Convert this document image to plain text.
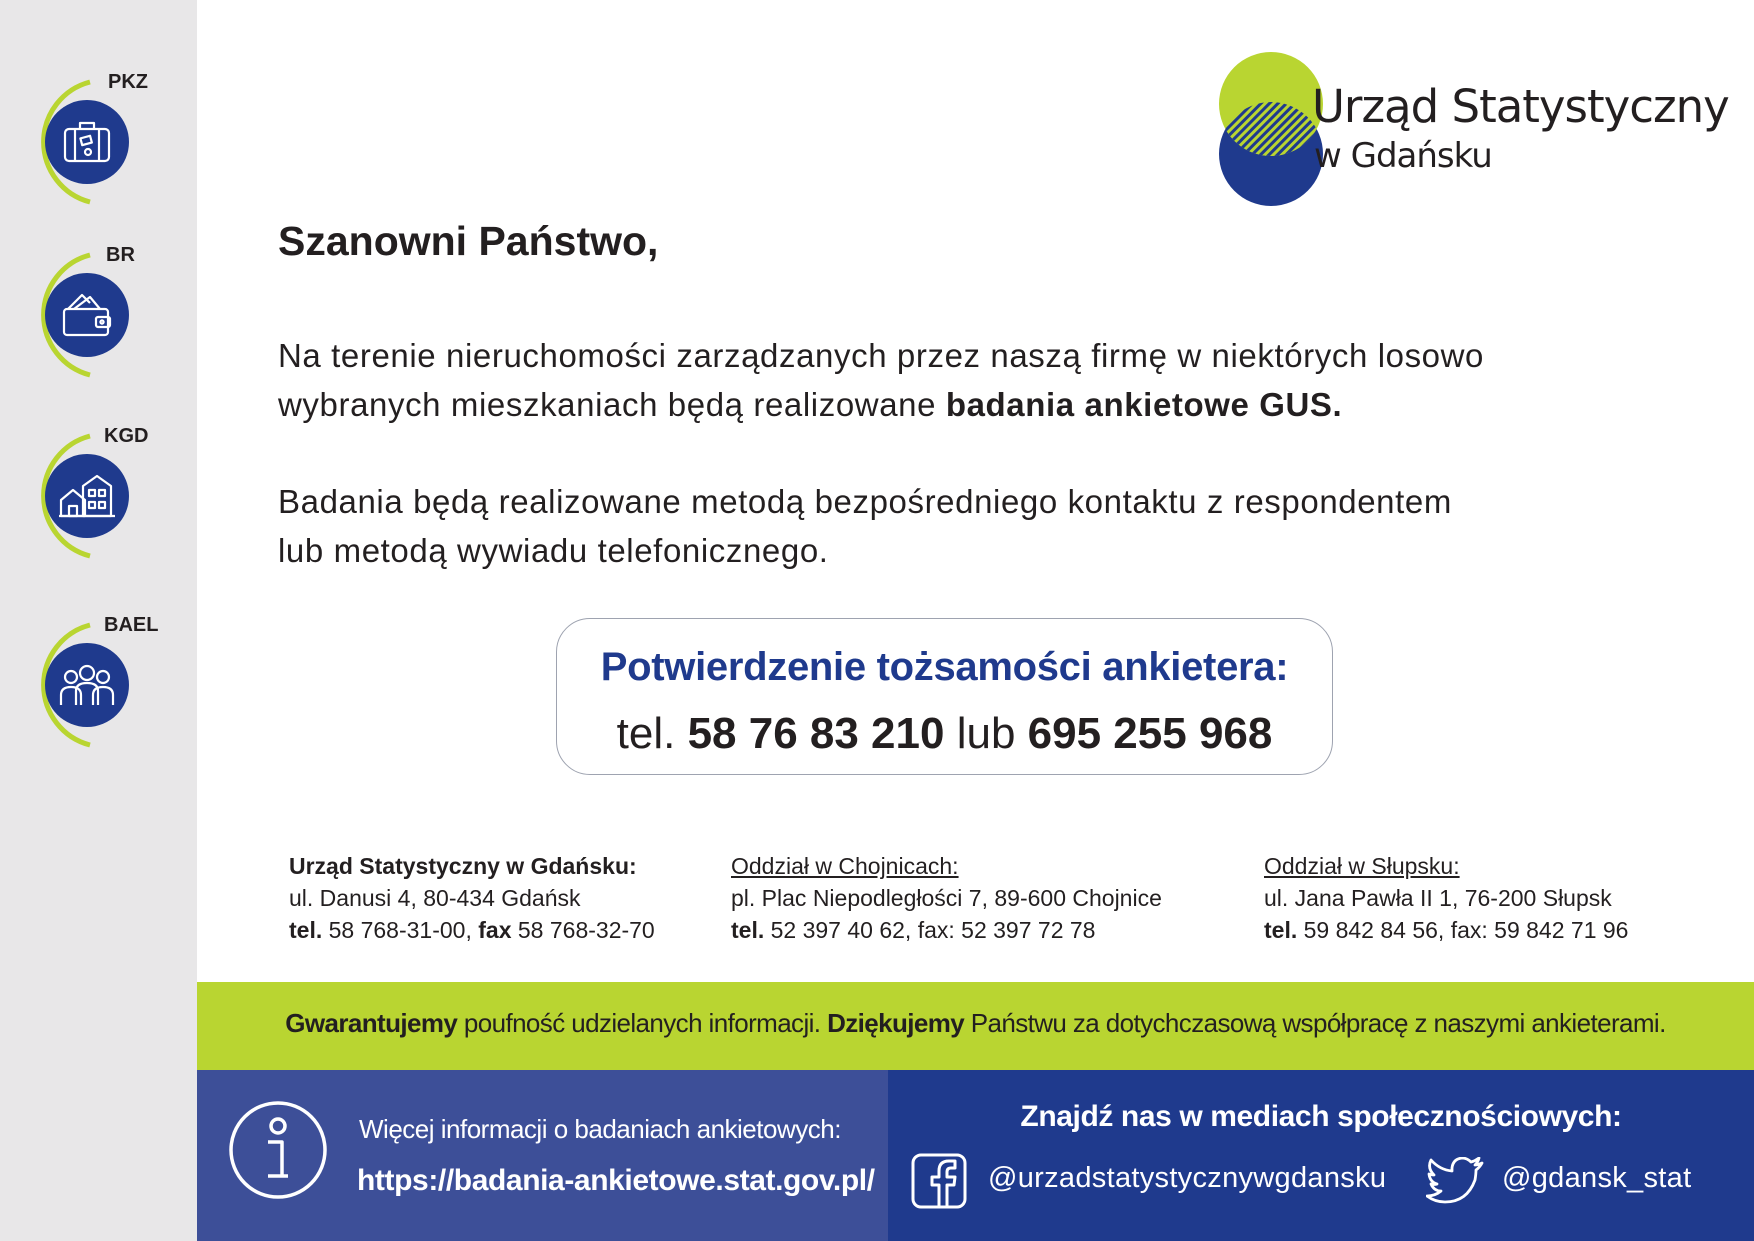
PKZ
BR
KGD
BAEL
Urząd Statystyczny
w Gdańsku
Szanowni Państwo,
Na terenie nieruchomości zarządzanych przez naszą firmę w niektórych losowo
wybranych mieszkaniach będą realizowane badania ankietowe GUS.
Badania będą realizowane metodą bezpośredniego kontaktu z respondentem
lub metodą wywiadu telefonicznego.
Potwierdzenie tożsamości ankietera:
tel. 58 76 83 210 lub 695 255 968
Urząd Statystyczny w Gdańsku:
ul. Danusi 4, 80-434 Gdańsk
tel. 58 768-31-00, fax 58 768-32-70
Oddział w Chojnicach:
pl. Plac Niepodległości 7, 89-600 Chojnice
tel. 52 397 40 62, fax: 52 397 72 78
Oddział w Słupsku:
ul. Jana Pawła II 1, 76-200 Słupsk
tel. 59 842 84 56, fax: 59 842 71 96
Gwarantujemy poufność udzielanych informacji. Dziękujemy Państwu za dotychczasową współpracę z naszymi ankieterami.
Więcej informacji o badaniach ankietowych:
https://badania-ankietowe.stat.gov.pl/
Znajdź nas w mediach społecznościowych:
@urzadstatystycznywgdansku	@gdansk_stat
